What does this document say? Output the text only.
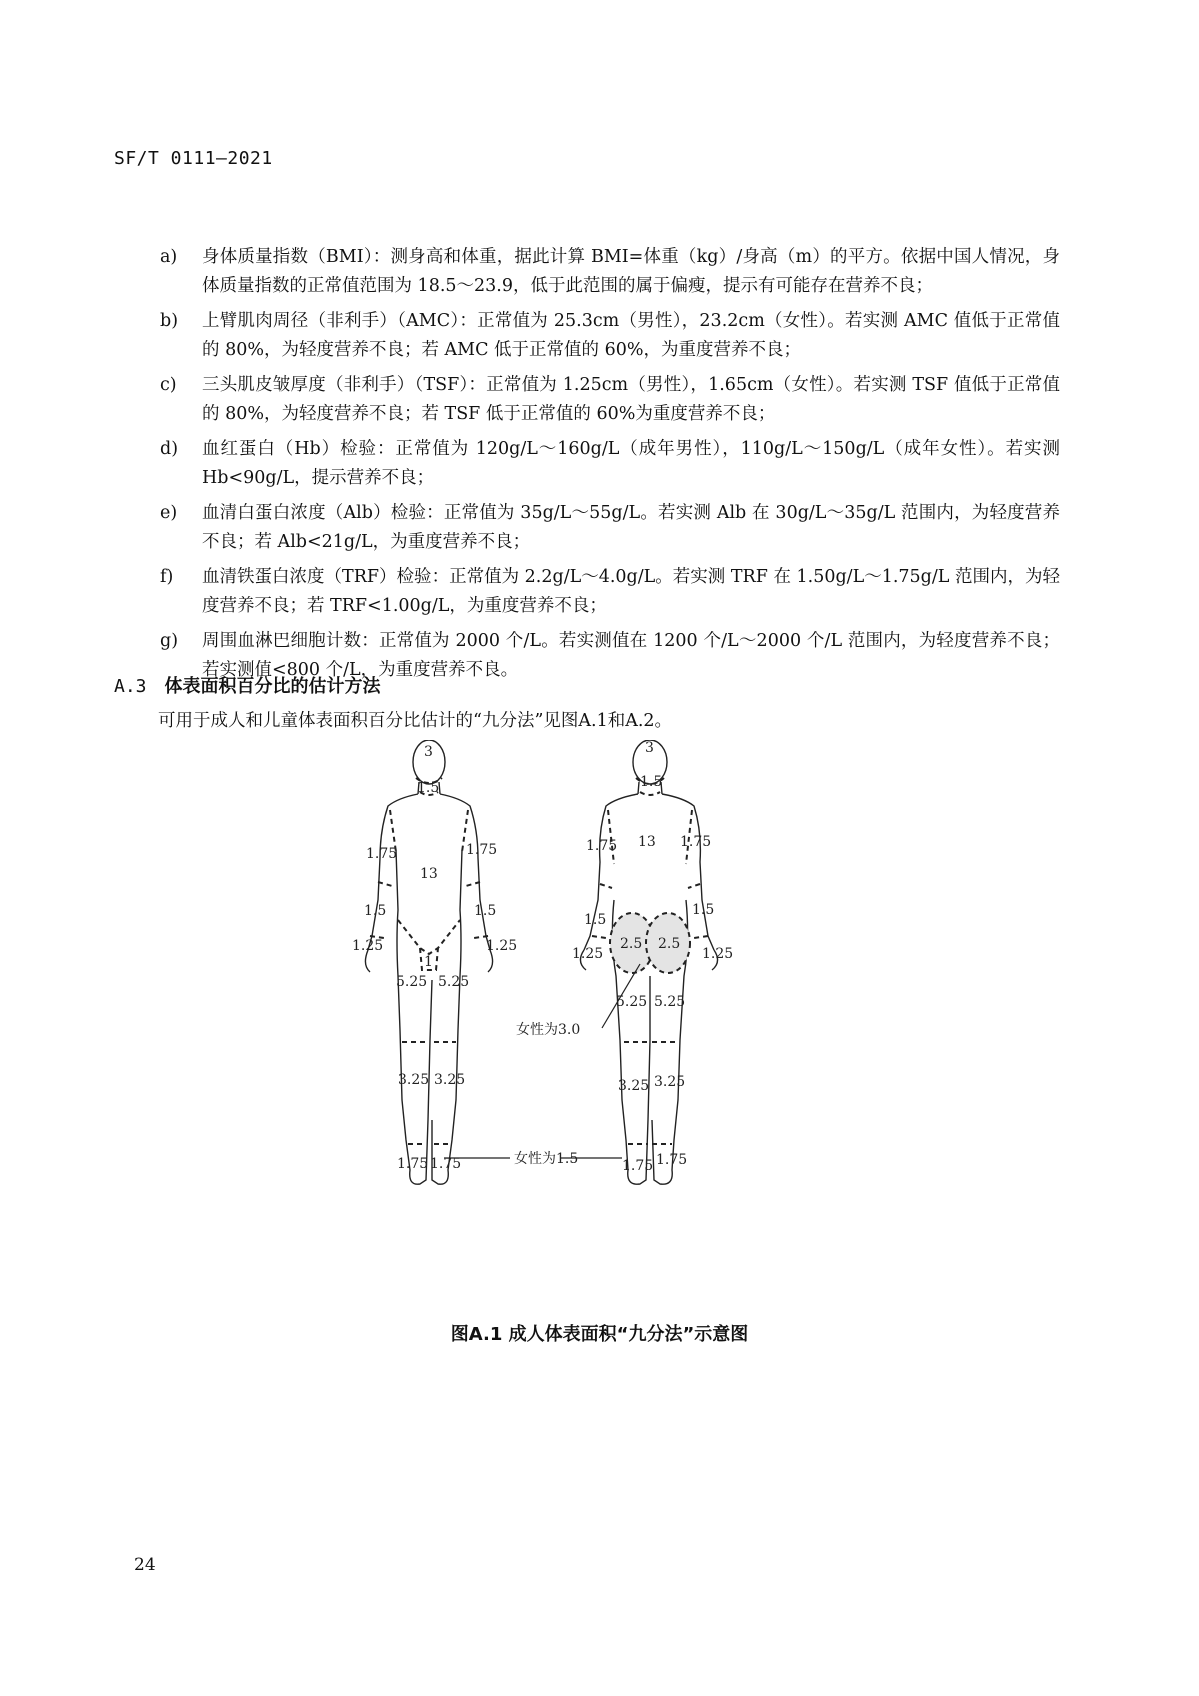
SF/T 0111—2021
a)	身体质量指数（BMI）：测身高和体重，据此计算 BMI=体重（kg）/身高（m）的平方。依据中国人情况，身体质量指数的正常值范围为 18.5～23.9，低于此范围的属于偏瘦，提示有可能存在营养不良；
b)	上臂肌肉周径（非利手）（AMC）：正常值为 25.3cm（男性），23.2cm（女性）。若实测 AMC 值低于正常值的 80%，为轻度营养不良；若 AMC 低于正常值的 60%，为重度营养不良；
c)	三头肌皮皱厚度（非利手）（TSF）：正常值为 1.25cm（男性），1.65cm（女性）。若实测 TSF 值低于正常值的 80%，为轻度营养不良；若 TSF 低于正常值的 60%为重度营养不良；
d)	血红蛋白（Hb）检验：正常值为 120g/L～160g/L（成年男性），110g/L～150g/L（成年女性）。若实测 Hb<90g/L，提示营养不良；
e)	血清白蛋白浓度（Alb）检验：正常值为 35g/L～55g/L。若实测 Alb 在 30g/L～35g/L 范围内，为轻度营养不良；若 Alb<21g/L，为重度营养不良；
f)	血清铁蛋白浓度（TRF）检验：正常值为 2.2g/L～4.0g/L。若实测 TRF 在 1.50g/L～1.75g/L 范围内，为轻度营养不良；若 TRF<1.00g/L，为重度营养不良；
g)	周围血淋巴细胞计数：正常值为 2000 个/L。若实测值在 1200 个/L～2000 个/L 范围内，为轻度营养不良；若实测值<800 个/L，为重度营养不良。
A.3 体表面积百分比的估计方法
可用于成人和儿童体表面积百分比估计的“九分法”见图A.1和A.2。
3
1.5
1.75	1.75
13
1.5	1.5
1.25	1.25
1
5.25 5.25
3.25 3.25
1.75 1.75
3
1.5
1.75	1.75
13
1.5
1.5
1.25	1.25
2.5 2.5
5.25 5.25
3.25 3.25
1.75 1.75
女性为3.0
女性为1.5
图A.1 成人体表面积“九分法”示意图
24
